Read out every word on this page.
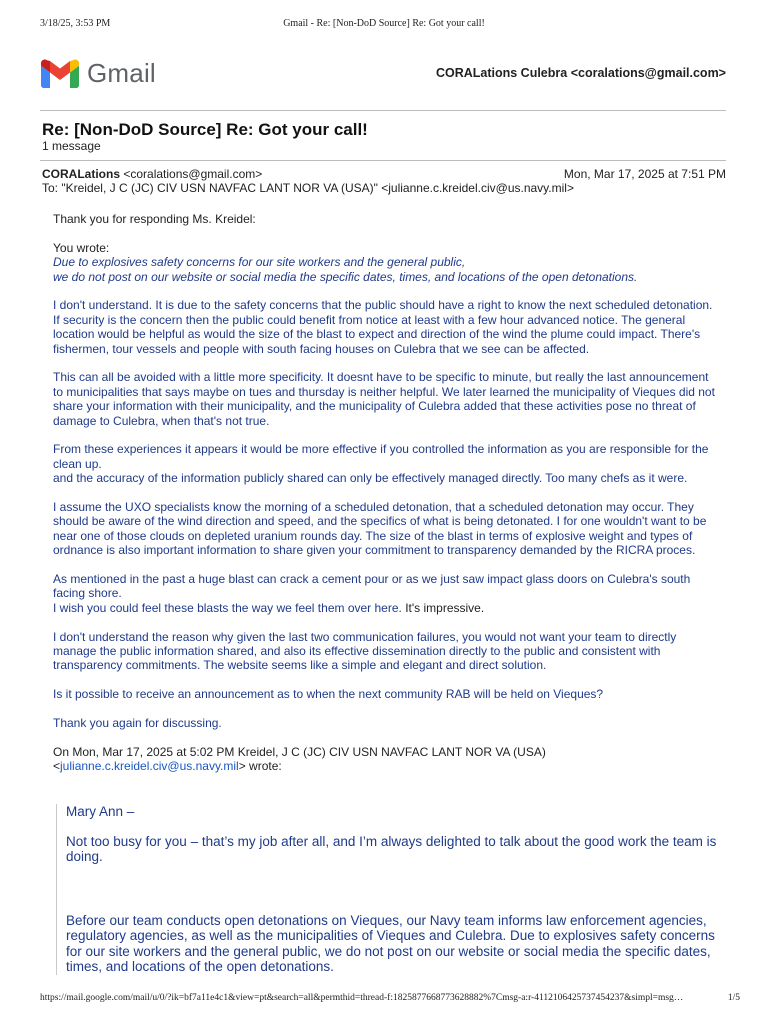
3/18/25, 3:53 PM	Gmail - Re: [Non-DoD Source] Re: Got your call!
Gmail	CORALations Culebra <coralations@gmail.com>
Re: [Non-DoD Source] Re: Got your call!
1 message
CORALations <coralations@gmail.com>	Mon, Mar 17, 2025 at 7:51 PM
To: "Kreidel, J C (JC) CIV USN NAVFAC LANT NOR VA (USA)" <julianne.c.kreidel.civ@us.navy.mil>

Thank you for responding Ms. Kreidel:

You wrote:
Due to explosives safety concerns for our site workers and the general public,
we do not post on our website or social media the specific dates, times, and locations of the open detonations.

I don't understand. It is due to the safety concerns that the public should have a right to know the next scheduled detonation. If security is the concern then the public could benefit from notice at least with a few hour advanced notice. The general location would be helpful as would the size of the blast to expect and direction of the wind the plume could impact. There's fishermen, tour vessels and people with south facing houses on Culebra that we see can be affected.

This can all be avoided with a little more specificity. It doesnt have to be specific to minute, but really the last announcement to municipalities that says maybe on tues and thursday is neither helpful. We later learned the municipality of Vieques did not share your information with their municipality, and the municipality of Culebra added that these activities pose no threat of damage to Culebra, when that's not true.

From these experiences it appears it would be more effective if you controlled the information as you are responsible for the clean up.
and the accuracy of the information publicly shared can only be effectively managed directly. Too many chefs as it were.

I assume the UXO specialists know the morning of a scheduled detonation, that a scheduled detonation may occur. They should be aware of the wind direction and speed, and the specifics of what is being detonated. I for one wouldn't want to be near one of those clouds on depleted uranium rounds day. The size of the blast in terms of explosive weight and types of ordnance is also important information to share given your commitment to transparency demanded by the RICRA proces.

As mentioned in the past a huge blast can crack a cement pour or as we just saw impact glass doors on Culebra's south facing shore.
I wish you could feel these blasts the way we feel them over here. It's impressive.

I don't understand the reason why given the last two communication failures, you would not want your team to directly manage the public information shared, and also its effective dissemination directly to the public and consistent with transparency commitments. The website seems like a simple and elegant and direct solution.

Is it possible to receive an announcement as to when the next community RAB will be held on Vieques?

Thank you again for discussing.

On Mon, Mar 17, 2025 at 5:02 PM Kreidel, J C (JC) CIV USN NAVFAC LANT NOR VA (USA) <julianne.c.kreidel.civ@us.navy.mil> wrote:

Mary Ann –

Not too busy for you – that’s my job after all, and I’m always delighted to talk about the good work the team is doing.

Before our team conducts open detonations on Vieques, our Navy team informs law enforcement agencies, regulatory agencies, as well as the municipalities of Vieques and Culebra. Due to explosives safety concerns for our site workers and the general public, we do not post on our website or social media the specific dates, times, and locations of the open detonations.

https://mail.google.com/mail/u/0/?ik=bf7a11e4c1&view=pt&search=all&permthid=thread-f:1825877668773628882%7Cmsg-a:r-4112106425737454237&simpl=msg…	1/5
